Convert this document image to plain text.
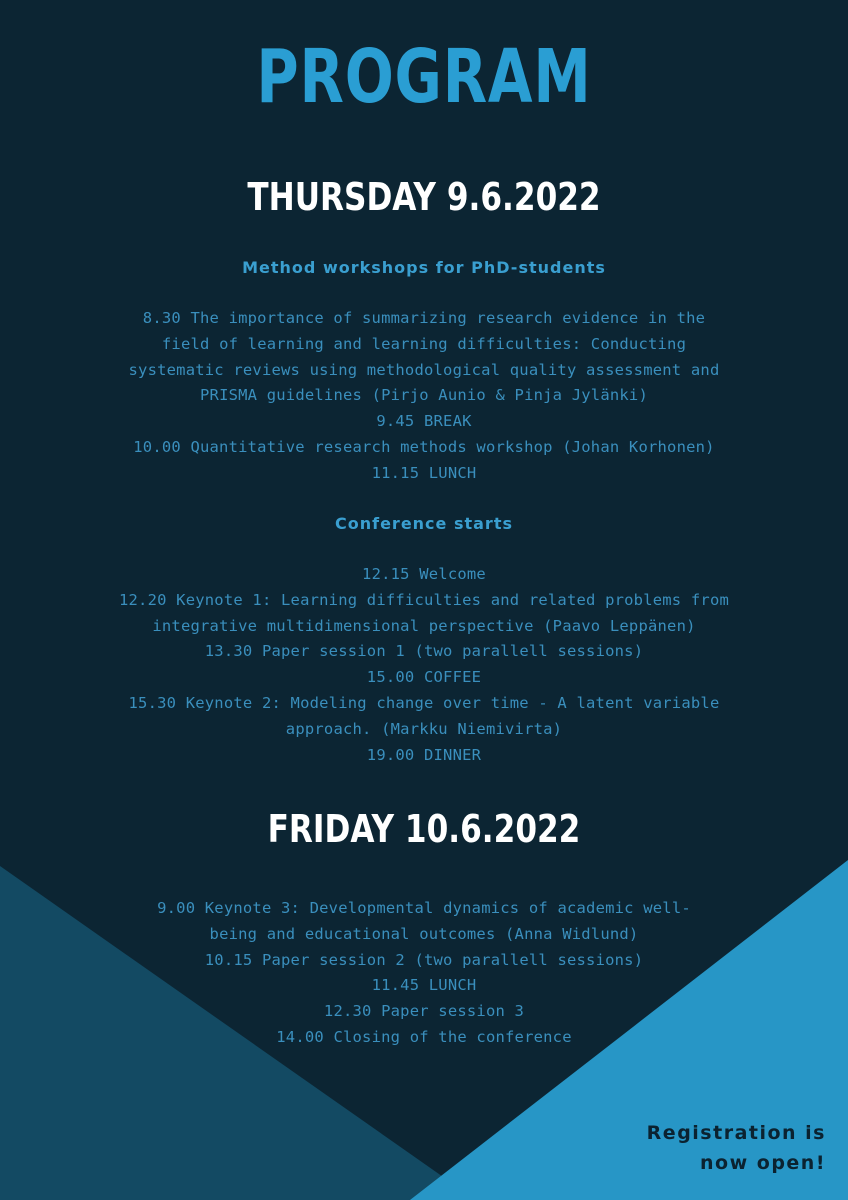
PROGRAM
THURSDAY 9.6.2022
Method workshops for PhD-students
8.30 The importance of summarizing research evidence in the
field of learning and learning difficulties: Conducting
systematic reviews using methodological quality assessment and
PRISMA guidelines (Pirjo Aunio & Pinja Jylänki)
9.45 BREAK
10.00 Quantitative research methods workshop (Johan Korhonen)
11.15 LUNCH
Conference starts
12.15 Welcome
12.20 Keynote 1: Learning difficulties and related problems from
integrative multidimensional perspective (Paavo Leppänen)
13.30 Paper session 1 (two parallell sessions)
15.00 COFFEE
15.30 Keynote 2: Modeling change over time - A latent variable
approach. (Markku Niemivirta)
19.00 DINNER
FRIDAY 10.6.2022
9.00 Keynote 3: Developmental dynamics of academic well-
being and educational outcomes (Anna Widlund)
10.15 Paper session 2 (two parallell sessions)
11.45 LUNCH
12.30 Paper session 3
14.00 Closing of the conference
Registration is
now open!
